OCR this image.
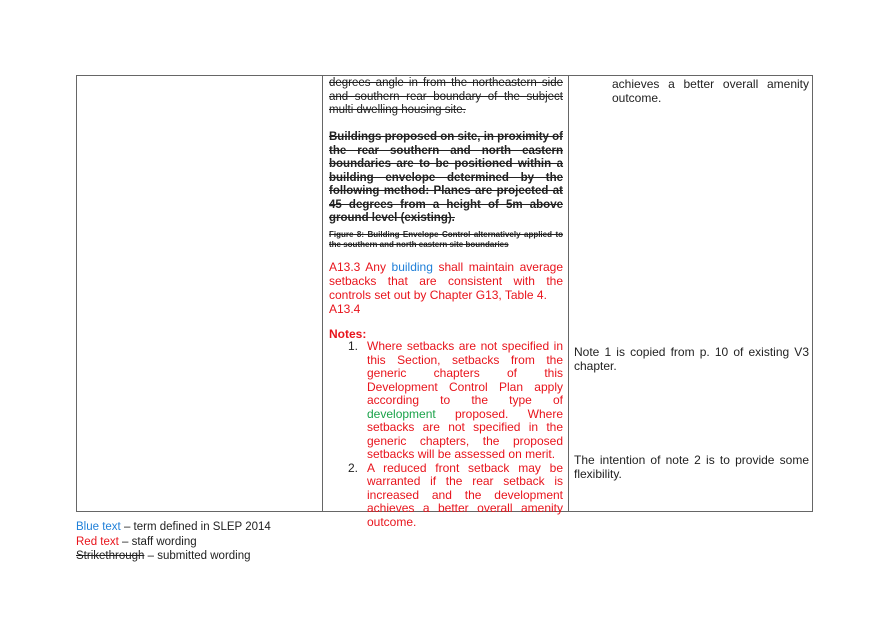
degrees angle in from the northeastern side and southern rear boundary of the subject multi dwelling housing site.
Buildings proposed on site, in proximity of the rear southern and north eastern boundaries are to be positioned within a building envelope determined by the following method: Planes are projected at 45 degrees from a height of 5m above ground level (existing).
Figure 8: Building Envelope Control alternatively applied to the southern and north eastern site boundaries
A13.3 Any building shall maintain average setbacks that are consistent with the controls set out by Chapter G13, Table 4.
A13.4
Notes:
1. Where setbacks are not specified in this Section, setbacks from the generic chapters of this Development Control Plan apply according to the type of development proposed. Where setbacks are not specified in the generic chapters, the proposed setbacks will be assessed on merit.
2. A reduced front setback may be warranted if the rear setback is increased and the development achieves a better overall amenity outcome.
achieves a better overall amenity outcome.
Note 1 is copied from p. 10 of existing V3 chapter.
The intention of note 2 is to provide some flexibility.
Blue text – term defined in SLEP 2014
Red text – staff wording
Strikethrough – submitted wording
